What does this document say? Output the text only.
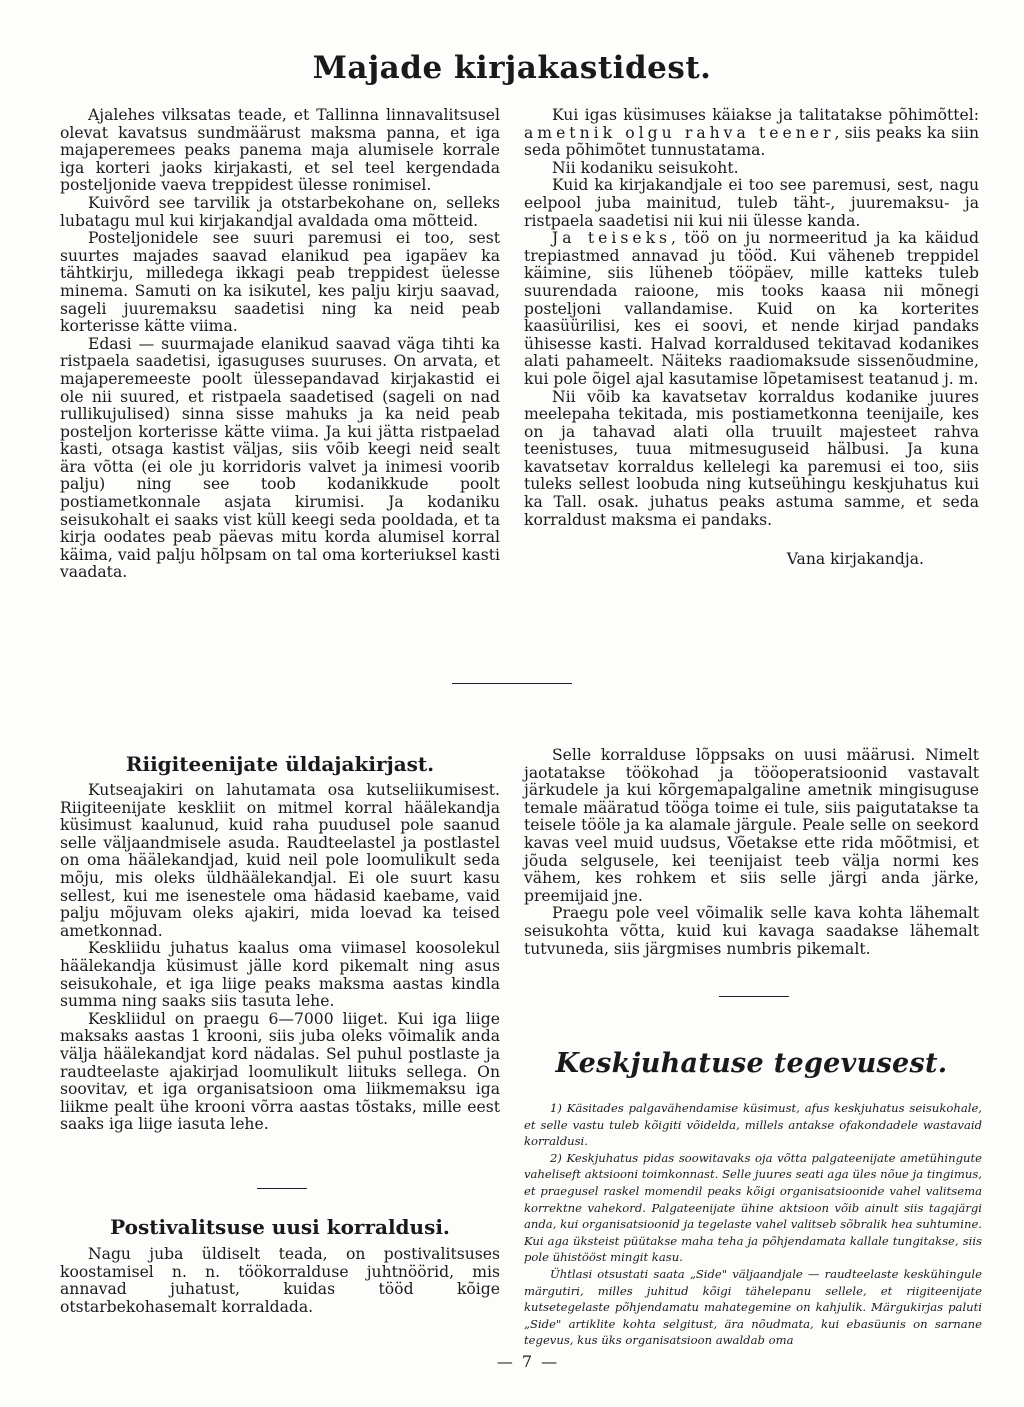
Majade kirjakastidest.

Ajalehes vilksatas teade, et Tallinna linnavalitsusel olevat kavatsus sundmäärust maksma panna, et iga majaperemees peaks panema maja alumisele korrale iga korteri jaoks kirjakasti, et sel teel kergendada posteljonide vaeva treppidest ülesse ronimisel.

Kuivõrd see tarvilik ja otstarbekohane on, selleks lubatagu mul kui kirjakandjal avaldada oma mõtteid.

Posteljonidele see suuri paremusi ei too, sest suurtes majades saavad elanikud pea igapäev ka tähtkirju, milledega ikkagi peab treppidest üelesse minema. Samuti on ka isikutel, kes palju kirju saavad, sageli juuremaksu saadetisi ning ka neid peab korterisse kätte viima.

Edasi — suurmajade elanikud saavad väga tihti ka ristpaela saadetisi, igasuguses suuruses. On arvata, et majaperemeeste poolt ülessepandavad kirjakastid ei ole nii suured, et ristpaela saadetised (sageli on nad rullikujulised) sinna sisse mahuks ja ka neid peab posteljon korterisse kätte viima. Ja kui jätta ristpaelad kasti, otsaga kastist väljas, siis võib keegi neid sealt ära võtta (ei ole ju korridoris valvet ja inimesi voorib palju) ning see toob kodanikkude poolt postiametkonnale asjata kirumisi. Ja kodaniku seisukohalt ei saaks vist küll keegi seda pooldada, et ta kirja oodates peab päevas mitu korda alumisel korral käima, vaid palju hõlpsam on tal oma korteriuksel kasti vaadata.

Kui igas küsimuses käiakse ja talitatakse põhimõttel: ametnik olgu rahva teener, siis peaks ka siin seda põhimõtet tunnustatama.

Nii kodaniku seisukoht.

Kuid ka kirjakandjale ei too see paremusi, sest, nagu eelpool juba mainitud, tuleb täht-, juuremaksu- ja ristpaela saadetisi nii kui nii ülesse kanda.

Ja teiseks, töö on ju normeeritud ja ka käidud trepiastmed annavad ju tööd. Kui väheneb treppidel käimine, siis lüheneb tööpäev, mille katteks tuleb suurendada raioone, mis tooks kaasa nii mõnegi posteljoni vallandamise. Kuid on ka korterites kaasüürilisi, kes ei soovi, et nende kirjad pandaks ühisesse kasti. Halvad korraldused tekitavad kodanikes alati pahameelt. Näiteks raadiomaksude sissenõudmine, kui pole õigel ajal kasutamise lõpetamisest teatanud j. m.

Nii võib ka kavatsetav korraldus kodanike juures meelepaha tekitada, mis postiametkonna teenijaile, kes on ja tahavad alati olla truuilt majesteet rahva teenistuses, tuua mitmesuguseid hälbusi. Ja kuna kavatsetav korraldus kellelegi ka paremusi ei too, siis tuleks sellest loobuda ning kutseühingu keskjuhatus kui ka Tall. osak. juhatus peaks astuma samme, et seda korraldust maksma ei pandaks.

Vana kirjakandja.

Riigiteenijate üldajakirjast.

Kutseajakiri on lahutamata osa kutseliikumisest. Riigiteenijate keskliit on mitmel korral häälekandja küsimust kaalunud, kuid raha puudusel pole saanud selle väljaandmisele asuda. Raudteelastel ja postlastel on oma häälekandjad, kuid neil pole loomulikult seda mõju, mis oleks üldhäälekandjal. Ei ole suurt kasu sellest, kui me isenestele oma hädasid kaebame, vaid palju mõjuvam oleks ajakiri, mida loevad ka teised ametkonnad.

Keskliidu juhatus kaalus oma viimasel koosolekul häälekandja küsimust jälle kord pikemalt ning asus seisukohale, et iga liige peaks maksma aastas kindla summa ning saaks siis tasuta lehe.

Keskliidul on praegu 6—7000 liiget. Kui iga liige maksaks aastas 1 krooni, siis juba oleks võimalik anda välja häälekandjat kord nädalas. Sel puhul postlaste ja raudteelaste ajakirjad loomulikult liituks sellega. On soovitav, et iga organisatsioon oma liikmemaksu iga liikme pealt ühe krooni võrra aastas tõstaks, mille eest saaks iga liige iasuta lehe.

Selle korralduse lõppsaks on uusi määrusi. Nimelt jaotatakse töökohad ja tööoperatsioonid vastavalt järkudele ja kui kõrgemapalgaline ametnik mingisuguse temale määratud tööga toime ei tule, siis paigutatakse ta teisele tööle ja ka alamale järgule. Peale selle on seekord kavas veel muid uudsus, Võetakse ette rida mõõtmisi, et jõuda selgusele, kei teenijaist teeb välja normi kes vähem, kes rohkem et siis selle järgi anda järke, preemijaid jne.

Praegu pole veel võimalik selle kava kohta lähemalt seisukohta võtta, kuid kui kavaga saadakse lähemalt tutvuneda, siis järgmises numbris pikemalt.

Postivalitsuse uusi korraldusi.

Nagu juba üldiselt teada, on postivalitsuses koostamisel n. n. töökorralduse juhtnöörid, mis annavad juhatust, kuidas tööd kõige otstarbekohasemalt korraldada.

Keskjuhatuse tegevusest.

1) Käsitades palgavähendamise küsimust, afus keskjuhatus seisukohale, et selle vastu tuleb kõigiti võidelda, millels antakse ofakondadele wastavaid korraldusi.

2) Keskjuhatus pidas soowitavaks oja võtta palgateenijate ametühingute vaheliseft aktsiooni toimkonnast. Selle juures seati aga üles nõue ja tingimus, et praegusel raskel momendil peaks kõigi organisatsioonide vahel valitsema korrektne vahekord. Palgateenijate ühine aktsioon võib ainult siis tagajärgi anda, kui organisatsioonid ja tegelaste vahel valitseb sõbralik hea suhtumine. Kui aga üksteist püütakse maha teha ja põhjendamata kallale tungitakse, siis pole ühistööst mingit kasu.

Ühtlasi otsustati saata „Side" väljaandjale — raudteelaste keskühingule märgutiri, milles juhitud kõigi tähelepanu sellele, et riigiteenijate kutsetegelaste põhjendamatu mahategemine on kahjulik. Märgukirjas paluti „Side" artiklite kohta selgitust, ära nõudmata, kui ebasüunis on sarnane tegevus, kus üks organisatsioon awaldab oma

— 7 —
